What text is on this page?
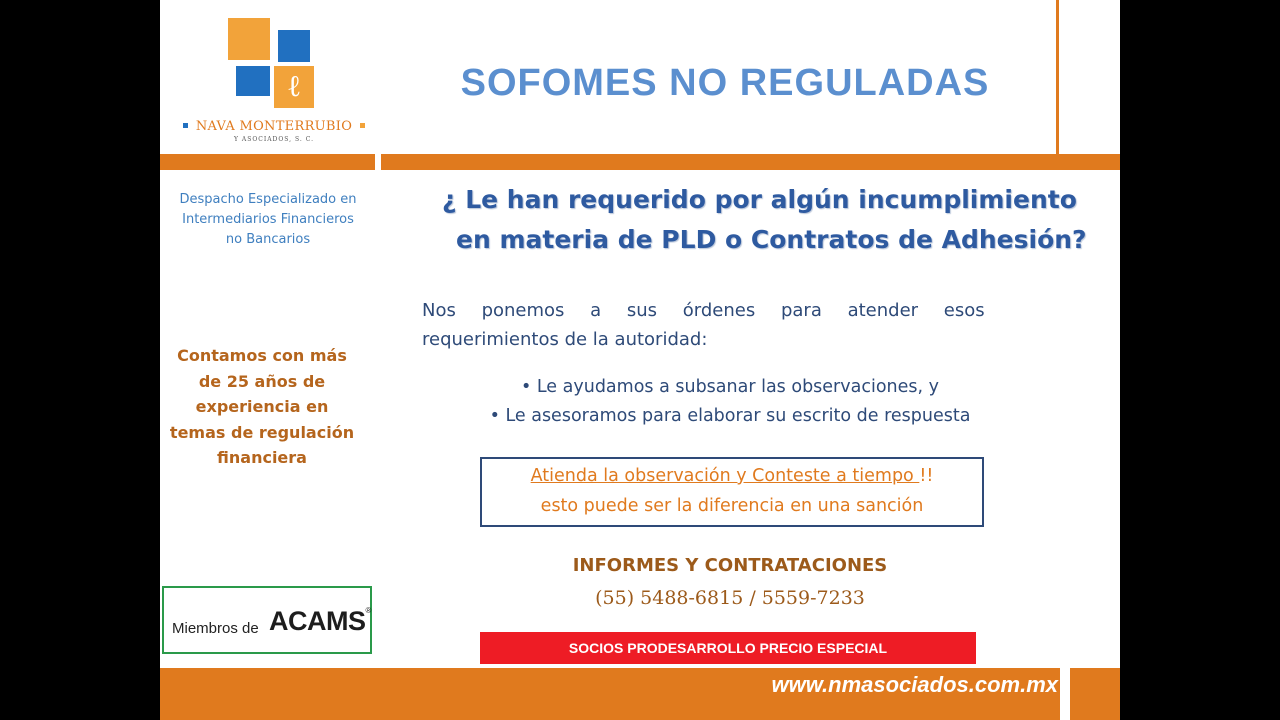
ℓ
NAVA MONTERRUBIO
Y ASOCIADOS, S. C.
SOFOMES NO REGULADAS
Despacho Especializado en
Intermediarios Financieros
no Bancarios
Contamos con más
de 25 años de
experiencia en
temas de regulación
financiera
Miembros de ACAMS®
¿ Le han requerido por algún incumplimiento
en materia de PLD o Contratos de Adhesión?
Nos ponemos a sus órdenes para atender esos
requerimientos de la autoridad:
• Le ayudamos a subsanar las observaciones, y
• Le asesoramos para elaborar su escrito de respuesta
Atienda la observación y Conteste a tiempo !!
esto puede ser la diferencia en una sanción
INFORMES Y CONTRATACIONES
(55) 5488-6815 / 5559-7233
SOCIOS PRODESARROLLO PRECIO ESPECIAL
www.nmasociados.com.mx
